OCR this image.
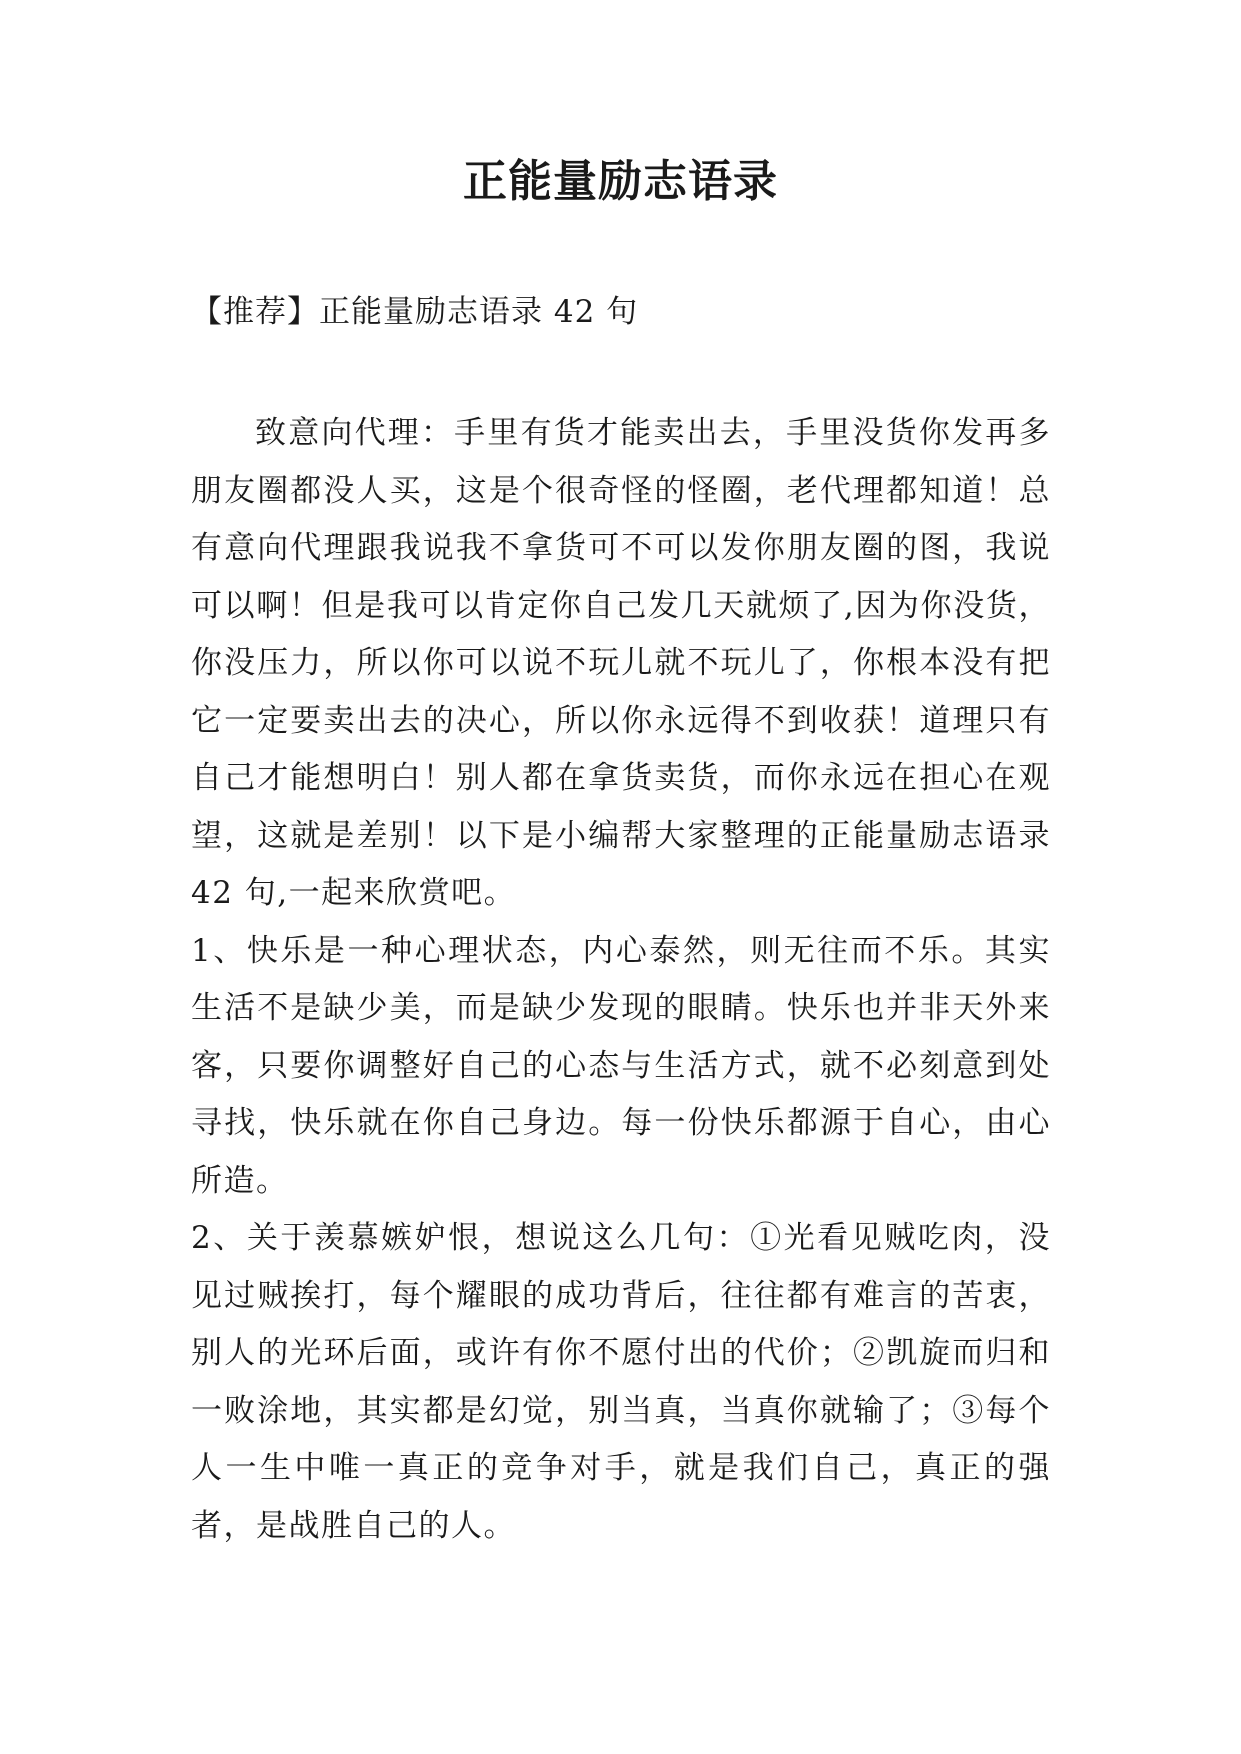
正能量励志语录

【推荐】正能量励志语录 42 句

致意向代理：手里有货才能卖出去，手里没货你发再多朋友圈都没人买，这是个很奇怪的怪圈，老代理都知道！总有意向代理跟我说我不拿货可不可以发你朋友圈的图，我说可以啊！但是我可以肯定你自己发几天就烦了,因为你没货，你没压力，所以你可以说不玩儿就不玩儿了，你根本没有把它一定要卖出去的决心，所以你永远得不到收获！道理只有自己才能想明白！别人都在拿货卖货，而你永远在担心在观望，这就是差别！以下是小编帮大家整理的正能量励志语录 42 句,一起来欣赏吧。

1、快乐是一种心理状态，内心泰然，则无往而不乐。其实生活不是缺少美，而是缺少发现的眼睛。快乐也并非天外来客，只要你调整好自己的心态与生活方式，就不必刻意到处寻找，快乐就在你自己身边。每一份快乐都源于自心，由心所造。

2、关于羡慕嫉妒恨，想说这么几句：①光看见贼吃肉，没见过贼挨打，每个耀眼的成功背后，往往都有难言的苦衷，别人的光环后面，或许有你不愿付出的代价；②凯旋而归和一败涂地，其实都是幻觉，别当真，当真你就输了；③每个人一生中唯一真正的竞争对手，就是我们自己，真正的强者，是战胜自己的人。
